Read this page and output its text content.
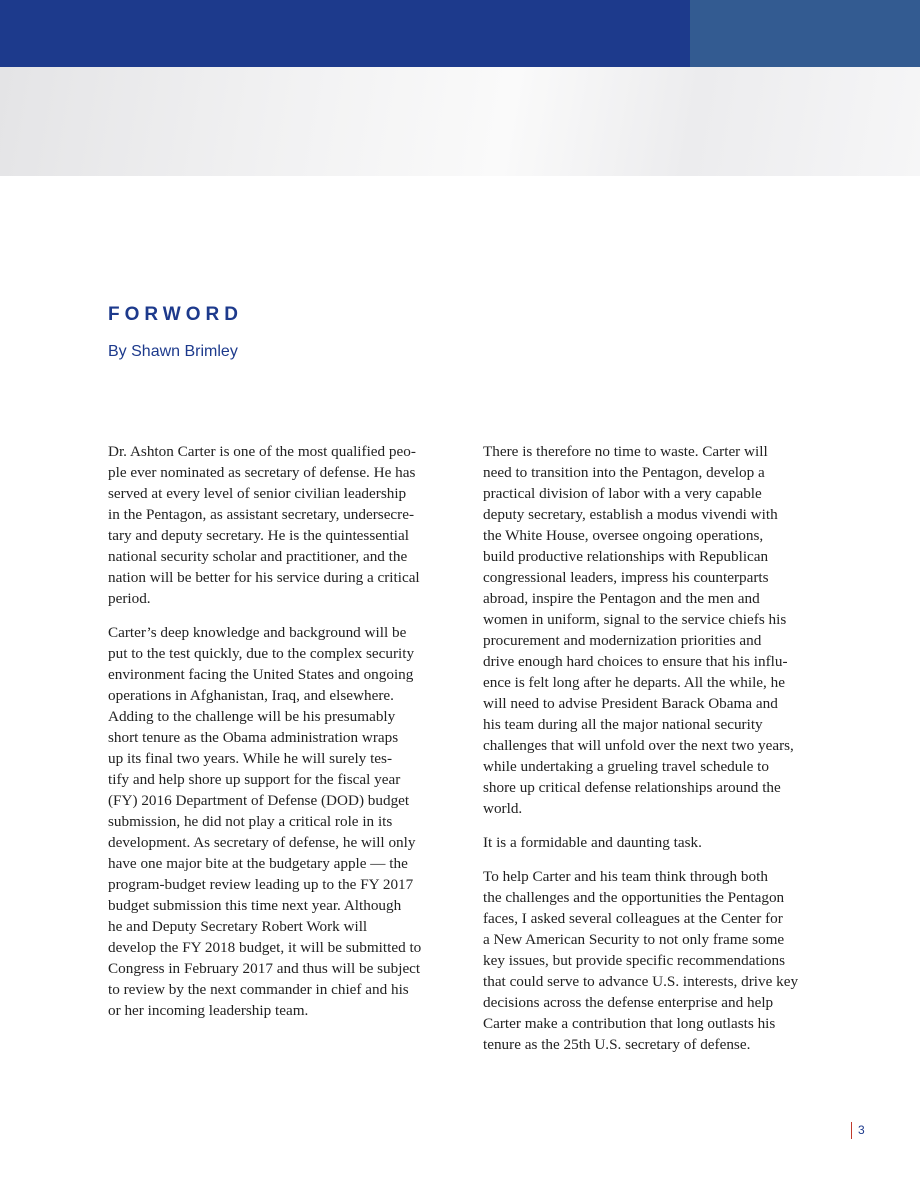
FORWORD
By Shawn Brimley

Dr. Ashton Carter is one of the most qualified peo-
ple ever nominated as secretary of defense. He has
served at every level of senior civilian leadership
in the Pentagon, as assistant secretary, undersecre-
tary and deputy secretary. He is the quintessential
national security scholar and practitioner, and the
nation will be better for his service during a critical
period.

Carter’s deep knowledge and background will be
put to the test quickly, due to the complex security
environment facing the United States and ongoing
operations in Afghanistan, Iraq, and elsewhere.
Adding to the challenge will be his presumably
short tenure as the Obama administration wraps
up its final two years. While he will surely tes-
tify and help shore up support for the fiscal year
(FY) 2016 Department of Defense (DOD) budget
submission, he did not play a critical role in its
development. As secretary of defense, he will only
have one major bite at the budgetary apple — the
program-budget review leading up to the FY 2017
budget submission this time next year. Although
he and Deputy Secretary Robert Work will
develop the FY 2018 budget, it will be submitted to
Congress in February 2017 and thus will be subject
to review by the next commander in chief and his
or her incoming leadership team.

There is therefore no time to waste. Carter will
need to transition into the Pentagon, develop a
practical division of labor with a very capable
deputy secretary, establish a modus vivendi with
the White House, oversee ongoing operations,
build productive relationships with Republican
congressional leaders, impress his counterparts
abroad, inspire the Pentagon and the men and
women in uniform, signal to the service chiefs his
procurement and modernization priorities and
drive enough hard choices to ensure that his influ-
ence is felt long after he departs. All the while, he
will need to advise President Barack Obama and
his team during all the major national security
challenges that will unfold over the next two years,
while undertaking a grueling travel schedule to
shore up critical defense relationships around the
world.

It is a formidable and daunting task.

To help Carter and his team think through both
the challenges and the opportunities the Pentagon
faces, I asked several colleagues at the Center for
a New American Security to not only frame some
key issues, but provide specific recommendations
that could serve to advance U.S. interests, drive key
decisions across the defense enterprise and help
Carter make a contribution that long outlasts his
tenure as the 25th U.S. secretary of defense.

3
